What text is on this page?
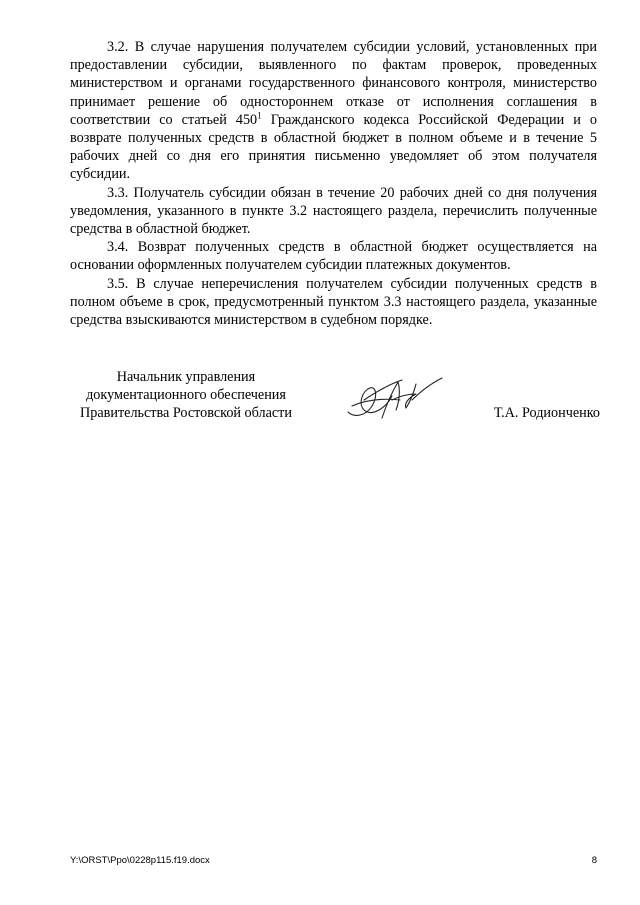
3.2. В случае нарушения получателем субсидии условий, установленных при предоставлении субсидии, выявленного по фактам проверок, проведенных министерством и органами государственного финансового контроля, министерство принимает решение об одностороннем отказе от исполнения соглашения в соответствии со статьей $450^1$ Гражданского кодекса Российской Федерации и о возврате полученных средств в областной бюджет в полном объеме и в течение 5 рабочих дней со дня его принятия письменно уведомляет об этом получателя субсидии.

3.3. Получатель субсидии обязан в течение 20 рабочих дней со дня получения уведомления, указанного в пункте 3.2 настоящего раздела, перечислить полученные средства в областной бюджет.

3.4. Возврат полученных средств в областной бюджет осуществляется на основании оформленных получателем субсидии платежных документов.

3.5. В случае неперечисления получателем субсидии полученных средств в полном объеме в срок, предусмотренный пунктом 3.3 настоящего раздела, указанные средства взыскиваются министерством в судебном порядке.

Начальник управления
документационного обеспечения
Правительства Ростовской области	Т.А. Родионченко
Y:\ORST\Ppo\0228p115.f19.docx	8
